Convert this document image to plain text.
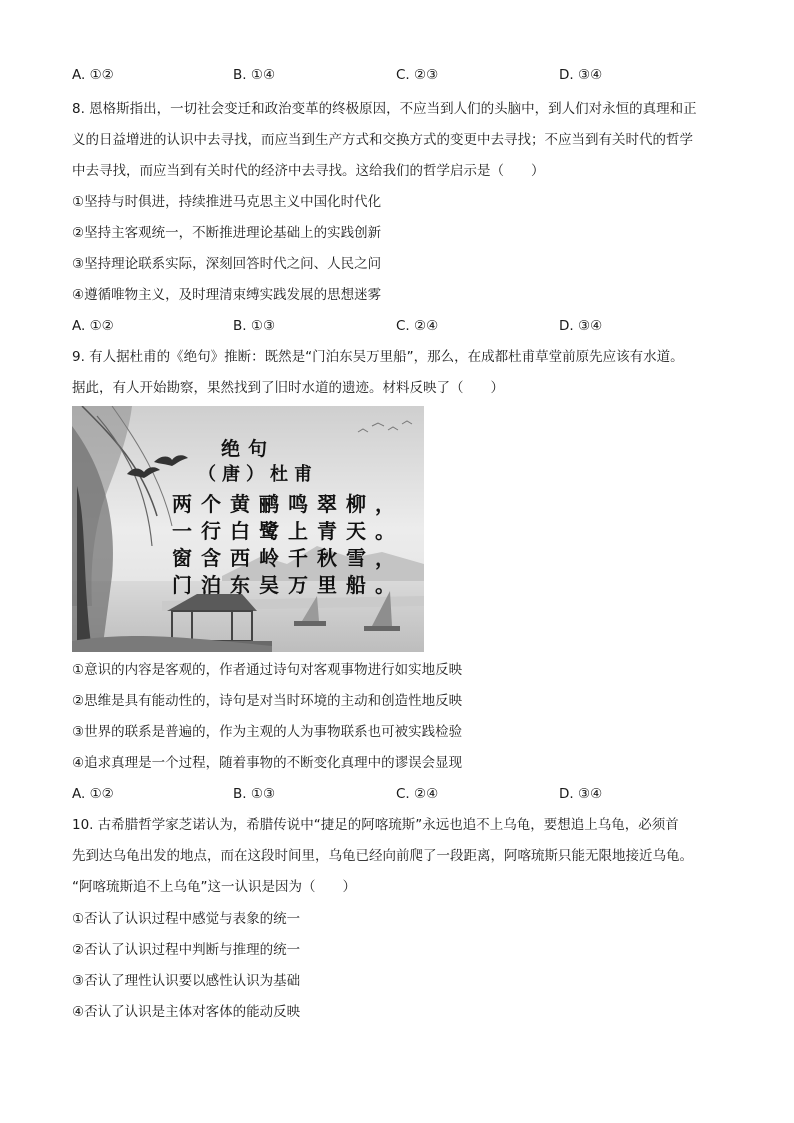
A. ①②	B. ①④	C. ②③	D. ③④
8. 恩格斯指出，一切社会变迁和政治变革的终极原因，不应当到人们的头脑中，到人们对永恒的真理和正
义的日益增进的认识中去寻找，而应当到生产方式和交换方式的变更中去寻找；不应当到有关时代的哲学
中去寻找，而应当到有关时代的经济中去寻找。这给我们的哲学启示是（　　）
①坚持与时俱进，持续推进马克思主义中国化时代化
②坚持主客观统一，不断推进理论基础上的实践创新
③坚持理论联系实际，深刻回答时代之问、人民之问
④遵循唯物主义，及时理清束缚实践发展的思想迷雾
A. ①②	B. ①③	C. ②④	D. ③④
9. 有人据杜甫的《绝句》推断：既然是“门泊东吴万里船”，那么，在成都杜甫草堂前原先应该有水道。
据此，有人开始勘察，果然找到了旧时水道的遗迹。材料反映了（　　）
绝句
（唐）杜甫
两个黄鹂鸣翠柳，
一行白鹭上青天。
窗含西岭千秋雪，
门泊东吴万里船。
①意识的内容是客观的，作者通过诗句对客观事物进行如实地反映
②思维是具有能动性的，诗句是对当时环境的主动和创造性地反映
③世界的联系是普遍的，作为主观的人为事物联系也可被实践检验
④追求真理是一个过程，随着事物的不断变化真理中的谬误会显现
A. ①②	B. ①③	C. ②④	D. ③④
10. 古希腊哲学家芝诺认为，希腊传说中“捷足的阿喀琉斯”永远也追不上乌龟，要想追上乌龟，必须首
先到达乌龟出发的地点，而在这段时间里，乌龟已经向前爬了一段距离，阿喀琉斯只能无限地接近乌龟。
“阿喀琉斯追不上乌龟”这一认识是因为（　　）
①否认了认识过程中感觉与表象的统一
②否认了认识过程中判断与推理的统一
③否认了理性认识要以感性认识为基础
④否认了认识是主体对客体的能动反映
